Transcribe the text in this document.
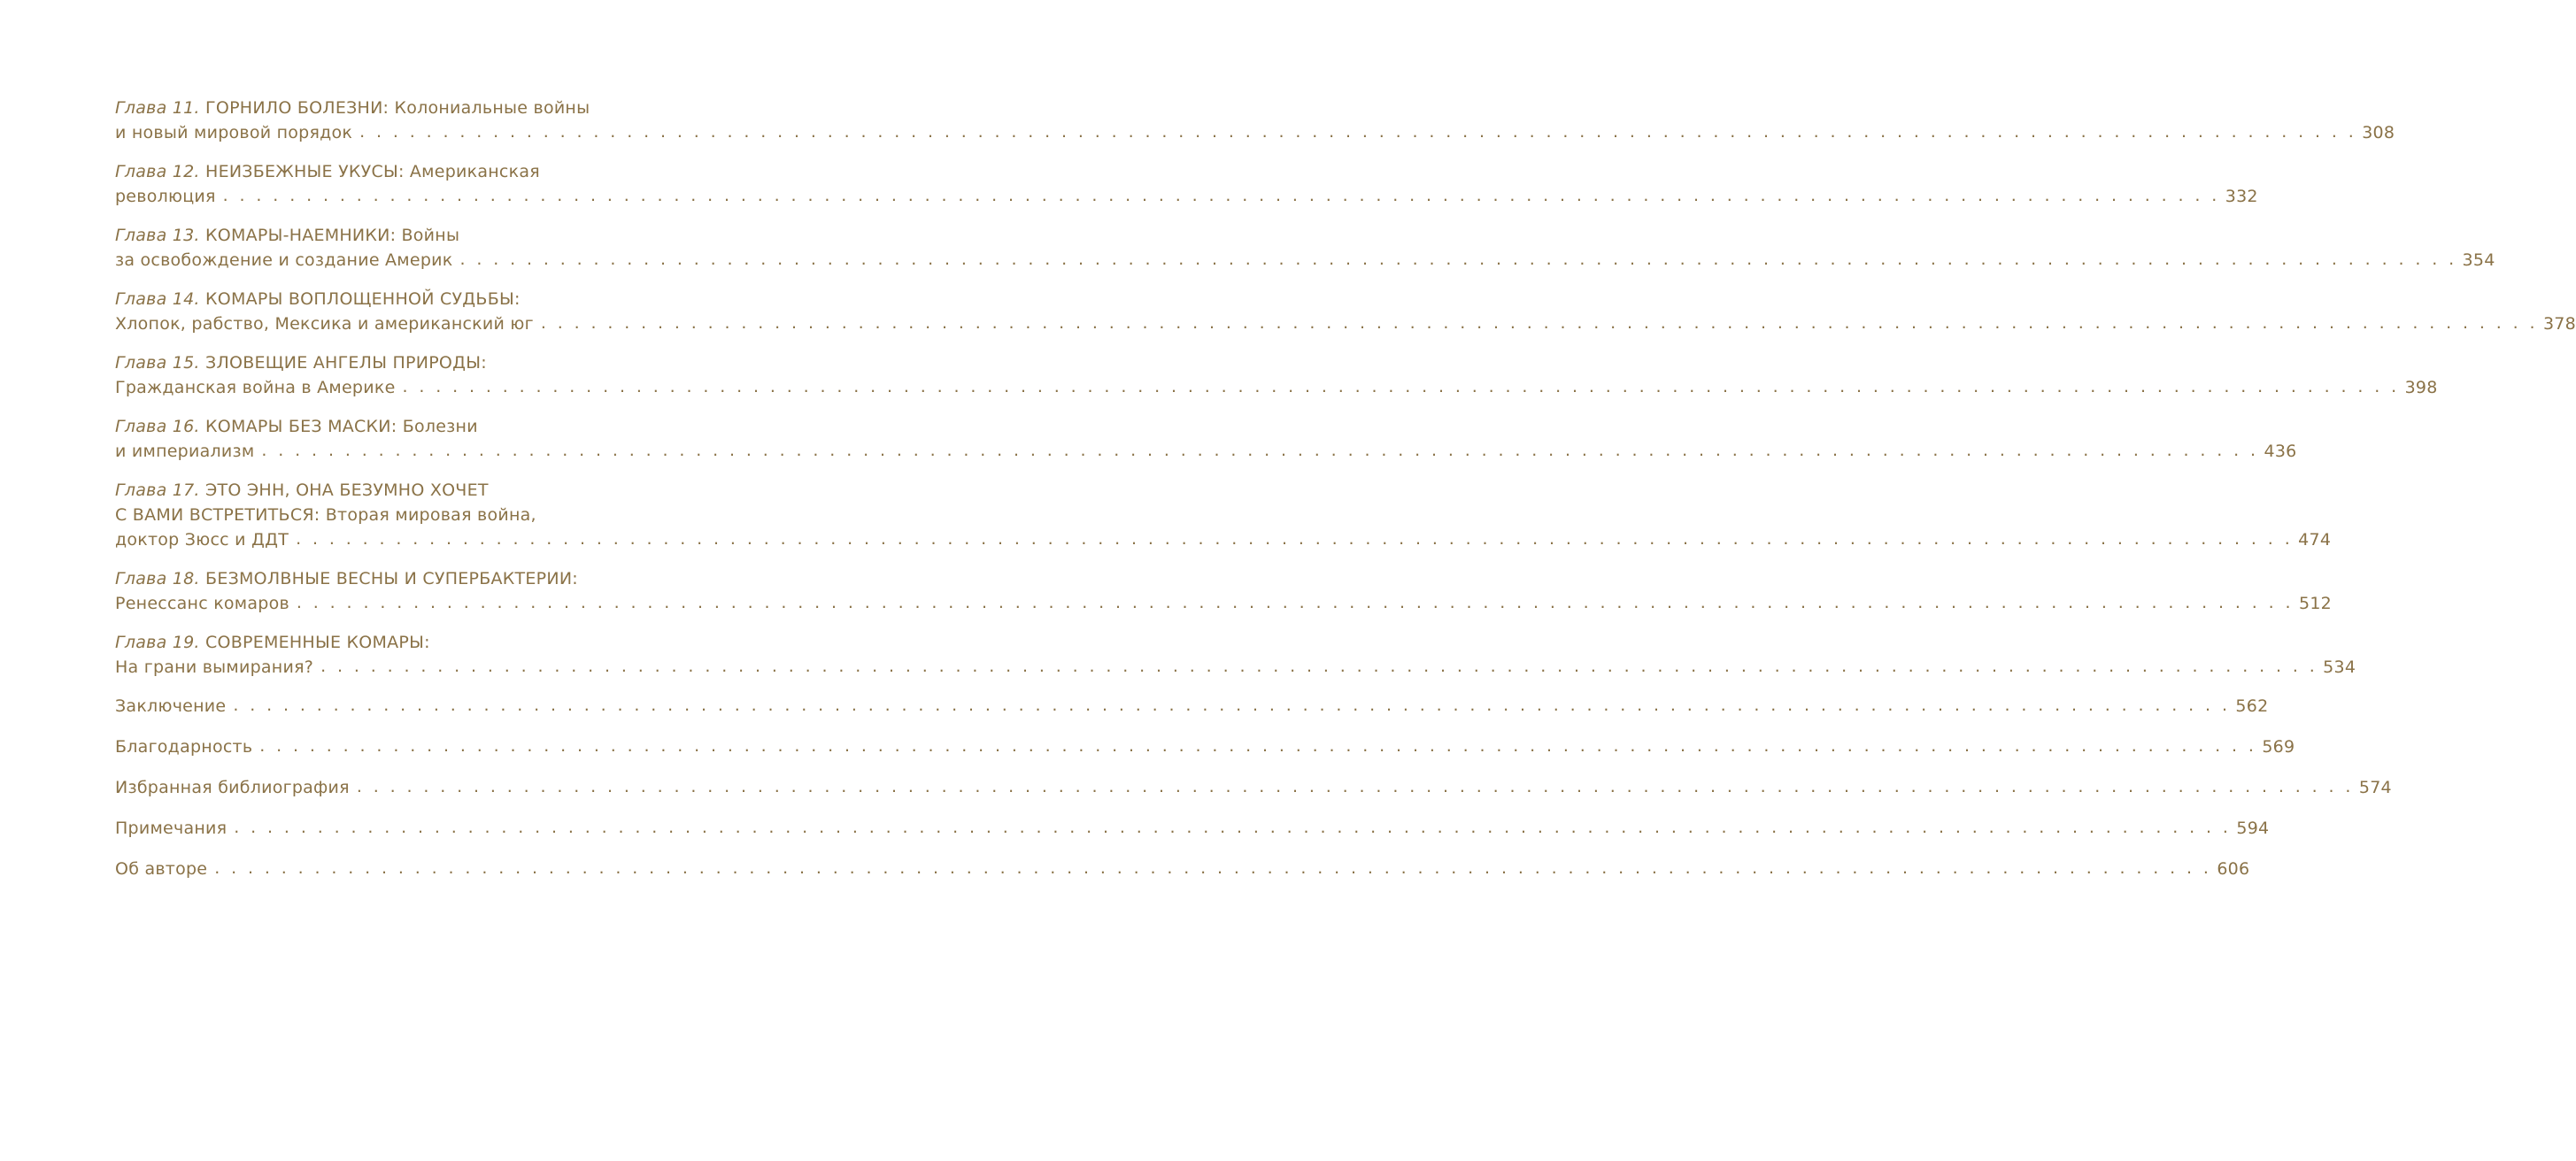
Глава 11.
ГОРНИЛО БОЛЕЗНИ: Колониальные войны
и новый мировой порядок . . . . . . . . . . . . . . . . . . . . . . . . . . . . . . . . . . . . . . . . . . . . . . . . . . . . . . . . . . . . . . . . . . . . . . . . . . . . . . . . . . . . . . . . . . . . . . . . . . . . . . . . . . . . . . . . . . . . . . . . 308
Глава 12.
НЕИЗБЕЖНЫЕ УКУСЫ: Американская
революция . . . . . . . . . . . . . . . . . . . . . . . . . . . . . . . . . . . . . . . . . . . . . . . . . . . . . . . . . . . . . . . . . . . . . . . . . . . . . . . . . . . . . . . . . . . . . . . . . . . . . . . . . . . . . . . . . . . . . . . . 332
Глава 13.
КОМАРЫ-НАЕМНИКИ: Войны
за освобождение и создание Америк . . . . . . . . . . . . . . . . . . . . . . . . . . . . . . . . . . . . . . . . . . . . . . . . . . . . . . . . . . . . . . . . . . . . . . . . . . . . . . . . . . . . . . . . . . . . . . . . . . . . . . . . . . . . . . . . . . . . . . . . 354
Глава 14.
КОМАРЫ ВОПЛОЩЕННОЙ СУДЬБЫ:
Хлопок, рабство, Мексика и американский юг . . . . . . . . . . . . . . . . . . . . . . . . . . . . . . . . . . . . . . . . . . . . . . . . . . . . . . . . . . . . . . . . . . . . . . . . . . . . . . . . . . . . . . . . . . . . . . . . . . . . . . . . . . . . . . . . . . . . . . . . 378
Глава 15.
ЗЛОВЕЩИЕ АНГЕЛЫ ПРИРОДЫ:
Гражданская война в Америке . . . . . . . . . . . . . . . . . . . . . . . . . . . . . . . . . . . . . . . . . . . . . . . . . . . . . . . . . . . . . . . . . . . . . . . . . . . . . . . . . . . . . . . . . . . . . . . . . . . . . . . . . . . . . . . . . . . . . . . . 398
Глава 16.
КОМАРЫ БЕЗ МАСКИ: Болезни
и империализм . . . . . . . . . . . . . . . . . . . . . . . . . . . . . . . . . . . . . . . . . . . . . . . . . . . . . . . . . . . . . . . . . . . . . . . . . . . . . . . . . . . . . . . . . . . . . . . . . . . . . . . . . . . . . . . . . . . . . . . . 436
Глава 17.
ЭТО ЭНН, ОНА БЕЗУМНО ХОЧЕТ
С ВАМИ ВСТРЕТИТЬСЯ: Вторая мировая война,
доктор Зюсс и ДДТ . . . . . . . . . . . . . . . . . . . . . . . . . . . . . . . . . . . . . . . . . . . . . . . . . . . . . . . . . . . . . . . . . . . . . . . . . . . . . . . . . . . . . . . . . . . . . . . . . . . . . . . . . . . . . . . . . . . . . . . . 474
Глава 18.
БЕЗМОЛВНЫЕ ВЕСНЫ И СУПЕРБАКТЕРИИ:
Ренессанс комаров . . . . . . . . . . . . . . . . . . . . . . . . . . . . . . . . . . . . . . . . . . . . . . . . . . . . . . . . . . . . . . . . . . . . . . . . . . . . . . . . . . . . . . . . . . . . . . . . . . . . . . . . . . . . . . . . . . . . . . . . 512
Глава 19.
СОВРЕМЕННЫЕ КОМАРЫ:
На грани вымирания? . . . . . . . . . . . . . . . . . . . . . . . . . . . . . . . . . . . . . . . . . . . . . . . . . . . . . . . . . . . . . . . . . . . . . . . . . . . . . . . . . . . . . . . . . . . . . . . . . . . . . . . . . . . . . . . . . . . . . . . . 534
Заключение . . . . . . . . . . . . . . . . . . . . . . . . . . . . . . . . . . . . . . . . . . . . . . . . . . . . . . . . . . . . . . . . . . . . . . . . . . . . . . . . . . . . . . . . . . . . . . . . . . . . . . . . . . . . . . . . . . . . . . . . 562
Благодарность . . . . . . . . . . . . . . . . . . . . . . . . . . . . . . . . . . . . . . . . . . . . . . . . . . . . . . . . . . . . . . . . . . . . . . . . . . . . . . . . . . . . . . . . . . . . . . . . . . . . . . . . . . . . . . . . . . . . . . . . 569
Избранная библиография . . . . . . . . . . . . . . . . . . . . . . . . . . . . . . . . . . . . . . . . . . . . . . . . . . . . . . . . . . . . . . . . . . . . . . . . . . . . . . . . . . . . . . . . . . . . . . . . . . . . . . . . . . . . . . . . . . . . . . . . 574
Примечания . . . . . . . . . . . . . . . . . . . . . . . . . . . . . . . . . . . . . . . . . . . . . . . . . . . . . . . . . . . . . . . . . . . . . . . . . . . . . . . . . . . . . . . . . . . . . . . . . . . . . . . . . . . . . . . . . . . . . . . . 594
Об авторе . . . . . . . . . . . . . . . . . . . . . . . . . . . . . . . . . . . . . . . . . . . . . . . . . . . . . . . . . . . . . . . . . . . . . . . . . . . . . . . . . . . . . . . . . . . . . . . . . . . . . . . . . . . . . . . . . . . . . . . . 606
